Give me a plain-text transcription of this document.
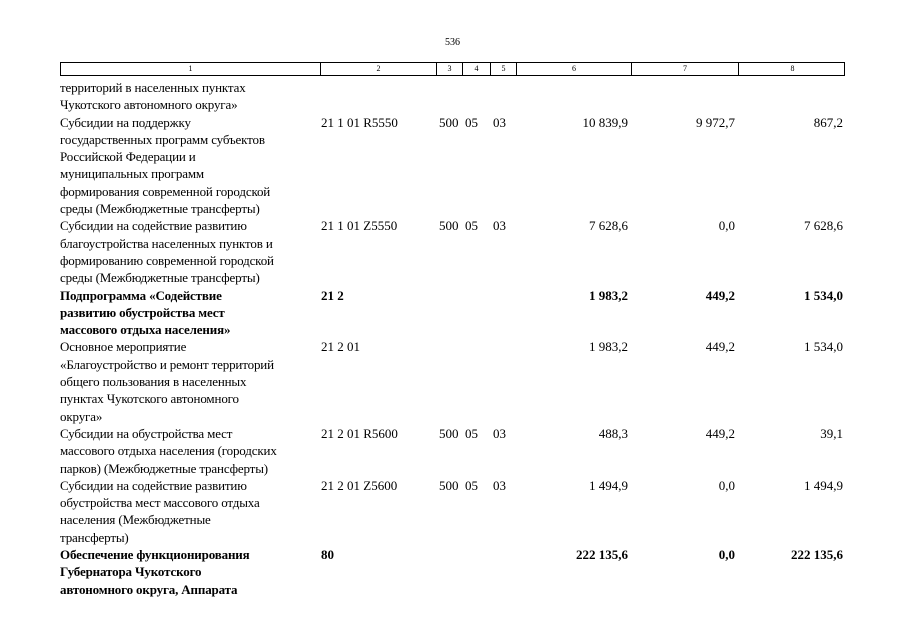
536
1	2	3	4	5	6	7	8
территорий в населенных пунктах
Чукотского автономного округа»
Субсидии на поддержку
государственных программ субъектов
Российской Федерации и
муниципальных программ
формирования современной городской
среды (Межбюджетные трансферты)
21 1 01 R5550	500 05	03	10 839,9	9 972,7	867,2
Субсидии на содействие развитию
благоустройства населенных пунктов и
формированию современной городской
среды (Межбюджетные трансферты)
21 1 01 Z5550	500 05	03	7 628,6	0,0	7 628,6
Подпрограмма «Содействие
развитию обустройства мест
массового отдыха населения»
21 2	1 983,2	449,2	1 534,0
Основное мероприятие
«Благоустройство и ремонт территорий
общего пользования в населенных
пунктах Чукотского автономного
округа»
21 2 01	1 983,2	449,2	1 534,0
Субсидии на обустройства мест
массового отдыха населения (городских
парков) (Межбюджетные трансферты)
21 2 01 R5600	500 05	03	488,3	449,2	39,1
Субсидии на содействие развитию
обустройства мест массового отдыха
населения (Межбюджетные
трансферты)
21 2 01 Z5600	500 05	03	1 494,9	0,0	1 494,9
Обеспечение функционирования
Губернатора Чукотского
автономного округа, Аппарата
80	222 135,6	0,0	222 135,6
